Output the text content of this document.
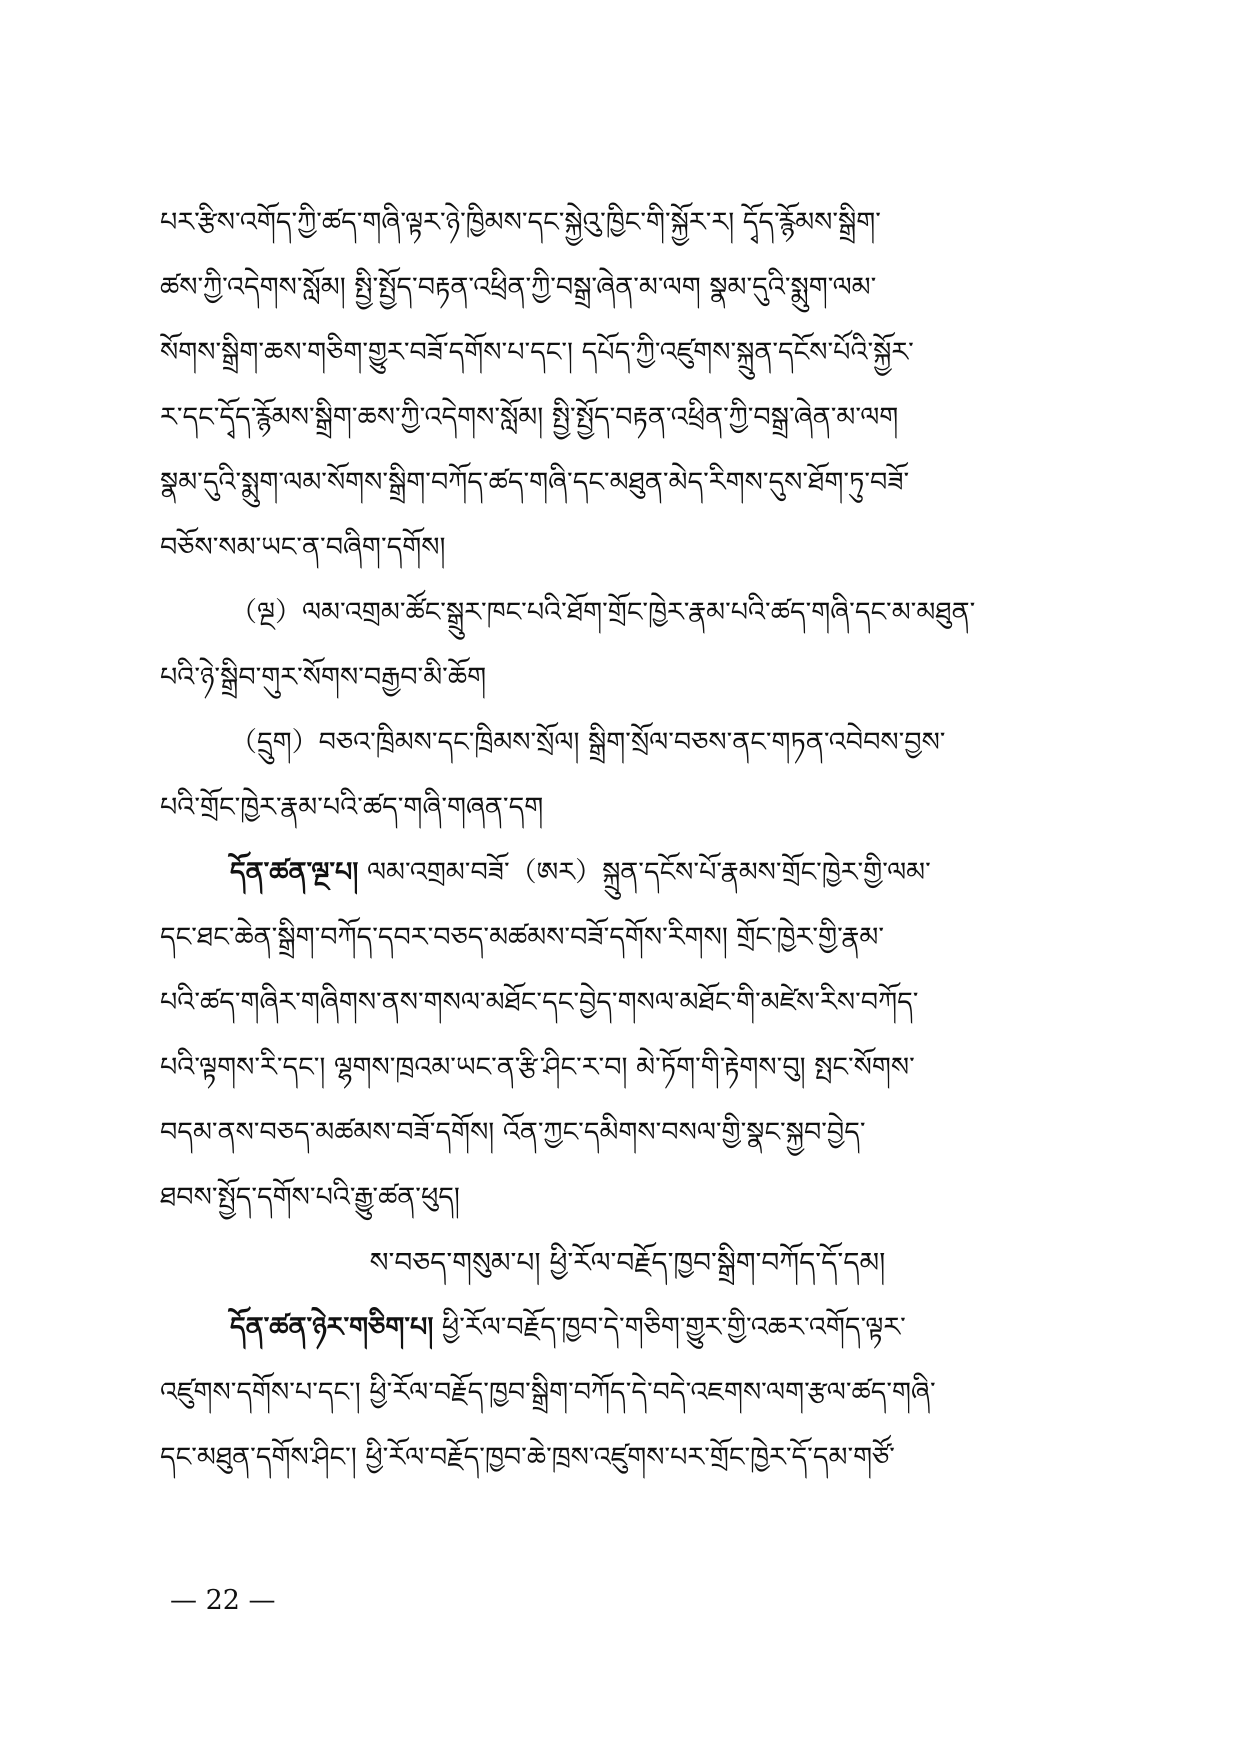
པར་རྩིས་འགོད་ཀྱི་ཚད་གཞི་ལྟར་ཉེ་ཁྱིམས་དང་སྐྱེའུ་ཁྱིང་གི་སྐྱོར་ར། དྭོད་རྙོམས་སྒྲིག་
ཚས་ཀྱི་འདེགས་སློམ། སྤྱི་སྤྱོད་བརྟན་འཕྲིན་ཀྱི་བསྒྲ་ཞེན་མ་ལག སྣམ་དུའི་སྨུག་ལམ་
སོགས་སྒྲིག་ཆས་གཅིག་གྱུར་བཟོ་དགོས་པ་དང་། དཔོད་ཀྱི་འཛུགས་སྐྲུན་དངོས་པོའི་སྐྱོར་
ར་དང་དྭོད་རྙོམས་སྒྲིག་ཆས་ཀྱི་འདེགས་སློམ། སྤྱི་སྤྱོད་བརྟན་འཕྲིན་ཀྱི་བསྒྲ་ཞེན་མ་ལག
སྣམ་དུའི་སྨུག་ལམ་སོགས་སྒྲིག་བཀོད་ཚད་གཞི་དང་མཐུན་མེད་རིགས་དུས་ཐོག་ཏུ་བཟོ་
བཅོས་སམ་ཡང་ན་བཞིག་དགོས།
（ལྔ）ལམ་འགྲམ་ཚོང་སྒྲུར་ཁང་པའི་ཐོག་གྲོང་ཁྱེར་རྣམ་པའི་ཚད་གཞི་དང་མ་མཐུན་
པའི་ཉེ་སྒྲིབ་གུར་སོགས་བརྒྱབ་མི་ཆོག
（དྲུག）བཅའ་ཁྲིམས་དང་ཁྲིམས་སྲོལ། སྒྲིག་སྲོལ་བཅས་ནང་གཏན་འབེབས་བྱས་
པའི་གྲོང་ཁྱེར་རྣམ་པའི་ཚད་གཞི་གཞན་དག
དོན་ཚན་ལྔ་པ། ལམ་འགྲམ་བཟོ་（ཨར）སྐྲུན་དངོས་པོ་རྣམས་གྲོང་ཁྱེར་གྱི་ལམ་
དང་ཐང་ཆེན་སྒྲིག་བཀོད་དབར་བཅད་མཚམས་བཟོ་དགོས་རིགས། གྲོང་ཁྱེར་གྱི་རྣམ་
པའི་ཚད་གཞིར་གཞིགས་ནས་གསལ་མཐོང་དང་བྱེད་གསལ་མཐོང་གི་མཛེས་རིས་བཀོད་
པའི་ལྟགས་རི་དང་། ལྷགས་ཁྲའམ་ཡང་ན་རྩི་ཤིང་ར་བ། མེ་ཏོག་གི་རྟེགས་བུ། སྤང་སོགས་
བདམ་ནས་བཅད་མཚམས་བཟོ་དགོས། འོན་ཀྱང་དམིགས་བསལ་གྱི་སྣང་སྐྱབ་བྱེད་
ཐབས་སྤྱོད་དགོས་པའི་རྒྱུ་ཚན་ཕུད།
ས་བཅད་གསུམ་པ། ཕྱི་རོལ་བརྗོད་ཁྱབ་སྒྲིག་བཀོད་དོ་དམ།
དོན་ཚན་ཉེར་གཅིག་པ། ཕྱི་རོལ་བརྗོད་ཁྱབ་དེ་གཅིག་གྱུར་གྱི་འཆར་འགོད་ལྟར་
འཛུགས་དགོས་པ་དང་། ཕྱི་རོལ་བརྗོད་ཁྱབ་སྒྲིག་བཀོད་དེ་བདེ་འཇགས་ལག་རྩལ་ཚད་གཞི་
དང་མཐུན་དགོས་ཤིང་། ཕྱི་རོལ་བརྗོད་ཁྱབ་ཆེ་ཁྲས་འཛུགས་པར་གྲོང་ཁྱེར་དོ་དམ་གཙོ་
— 22 —
